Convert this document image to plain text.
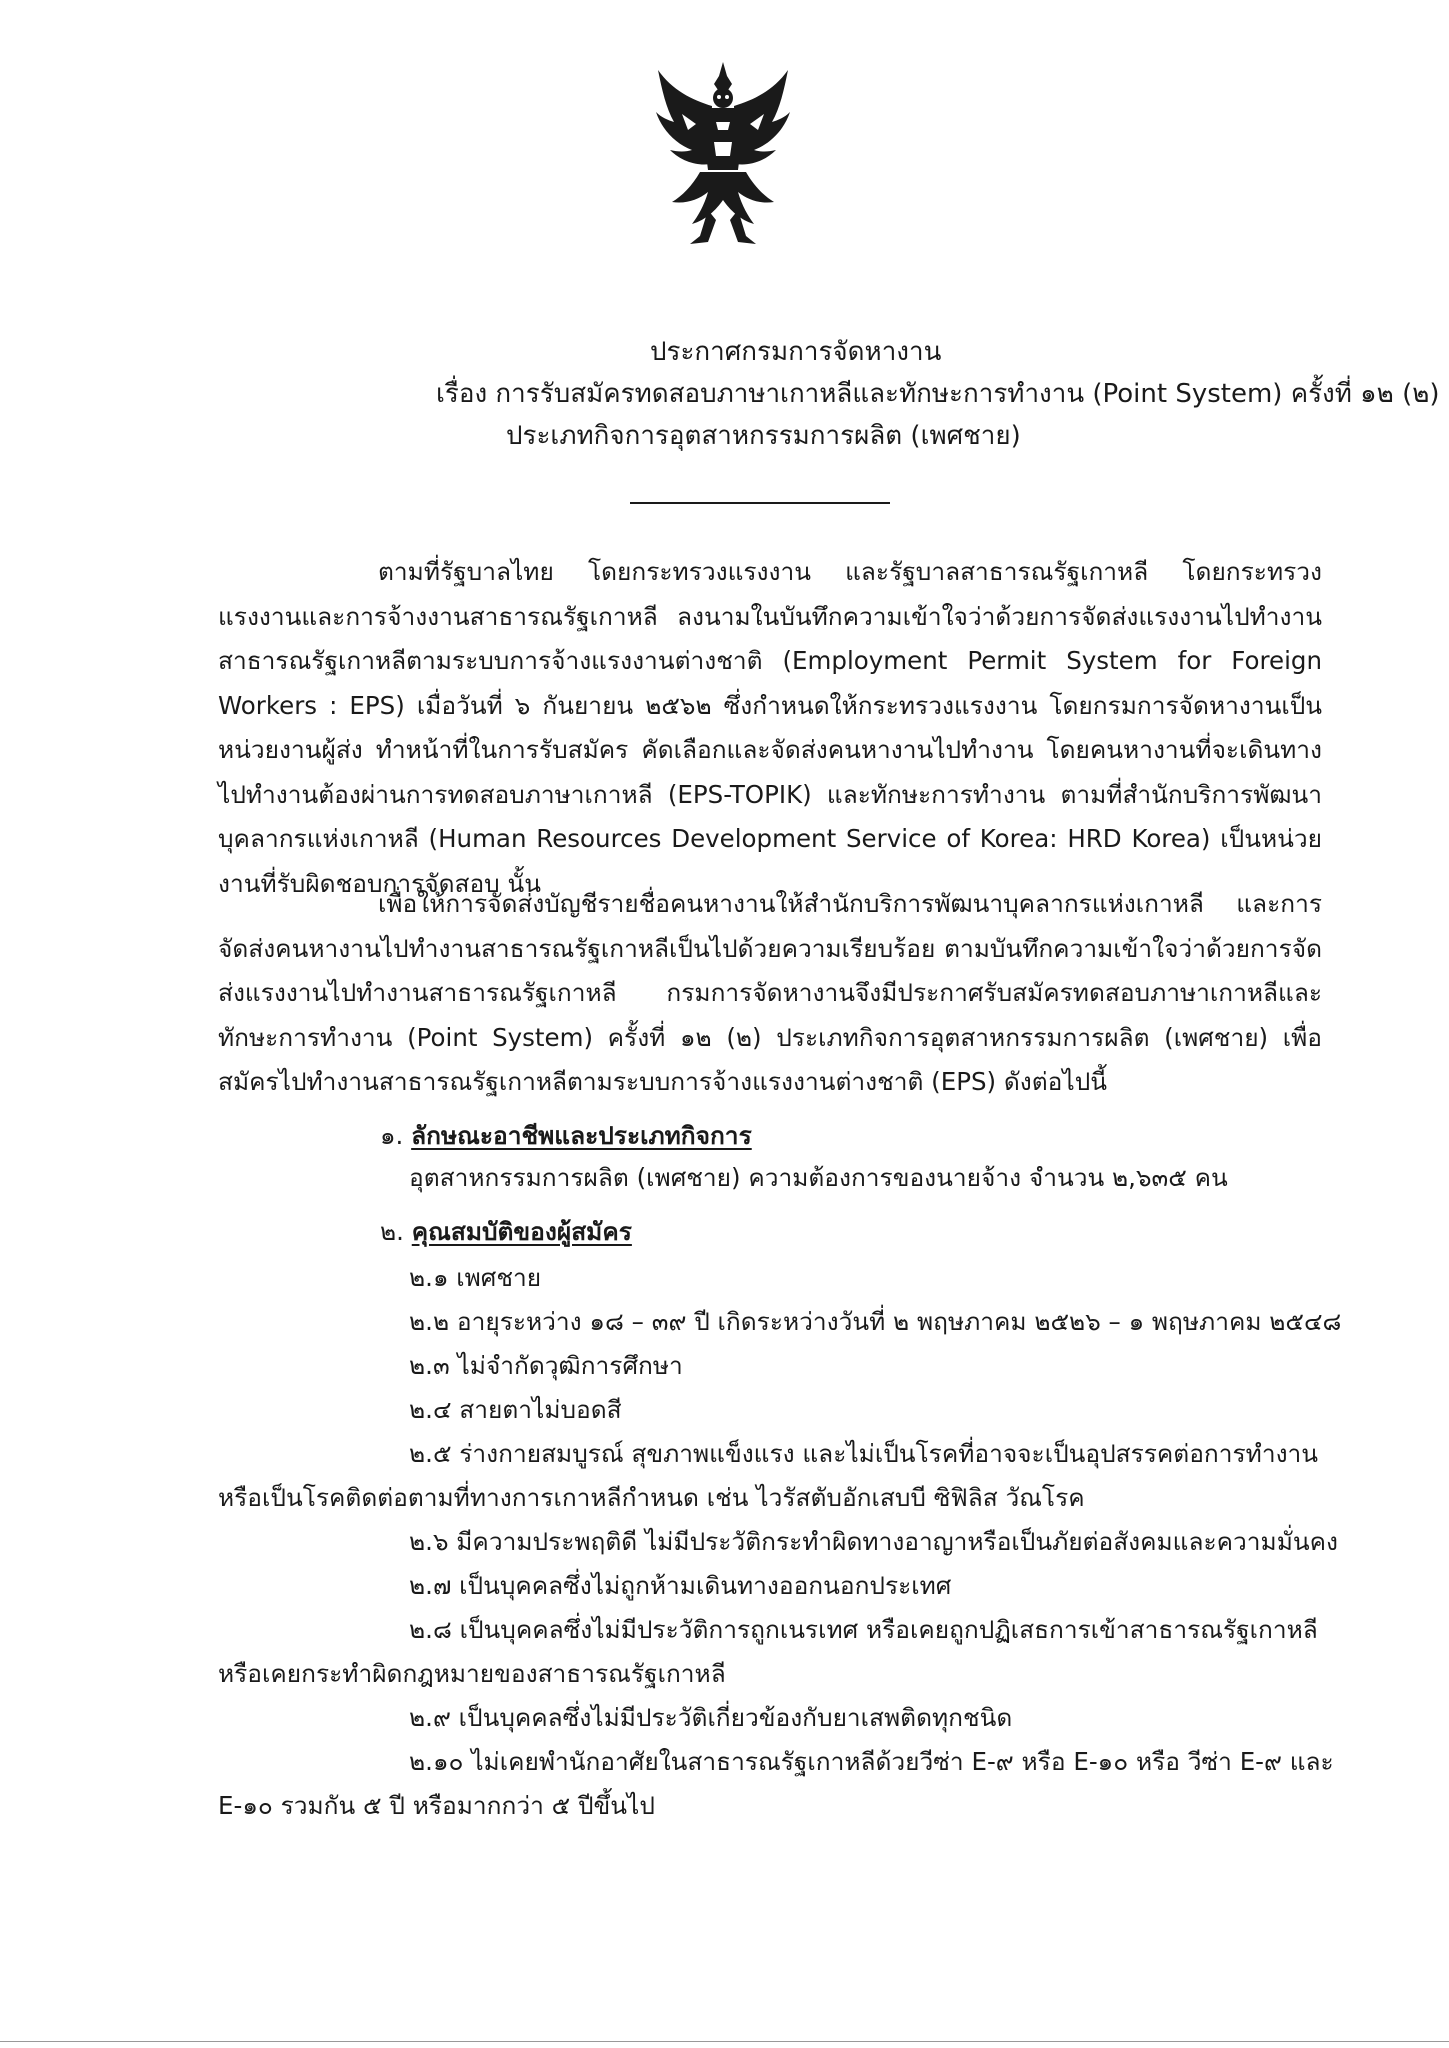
ประกาศกรมการจัดหางาน
เรื่อง การรับสมัครทดสอบภาษาเกาหลีและทักษะการทำงาน (Point System) ครั้งที่ ๑๒ (๒)
ประเภทกิจการอุตสาหกรรมการผลิต (เพศชาย)
ตามที่รัฐบาลไทย โดยกระทรวงแรงงาน และรัฐบาลสาธารณรัฐเกาหลี โดยกระทรวงแรงงานและการจ้างงานสาธารณรัฐเกาหลี ลงนามในบันทึกความเข้าใจว่าด้วยการจัดส่งแรงงานไปทำงานสาธารณรัฐเกาหลีตามระบบการจ้างแรงงานต่างชาติ (Employment Permit System for Foreign Workers : EPS) เมื่อวันที่ ๖ กันยายน ๒๕๖๒ ซึ่งกำหนดให้กระทรวงแรงงาน โดยกรมการจัดหางานเป็นหน่วยงานผู้ส่ง ทำหน้าที่ในการรับสมัคร คัดเลือกและจัดส่งคนหางานไปทำงาน โดยคนหางานที่จะเดินทางไปทำงานต้องผ่านการทดสอบภาษาเกาหลี (EPS-TOPIK) และทักษะการทำงาน ตามที่สำนักบริการพัฒนาบุคลากรแห่งเกาหลี (Human Resources Development Service of Korea: HRD Korea) เป็นหน่วยงานที่รับผิดชอบการจัดสอบ นั้น
เพื่อให้การจัดส่งบัญชีรายชื่อคนหางานให้สำนักบริการพัฒนาบุคลากรแห่งเกาหลี และการจัดส่งคนหางานไปทำงานสาธารณรัฐเกาหลีเป็นไปด้วยความเรียบร้อย ตามบันทึกความเข้าใจว่าด้วยการจัดส่งแรงงานไปทำงานสาธารณรัฐเกาหลี กรมการจัดหางานจึงมีประกาศรับสมัครทดสอบภาษาเกาหลีและทักษะการทำงาน (Point System) ครั้งที่ ๑๒ (๒) ประเภทกิจการอุตสาหกรรมการผลิต (เพศชาย) เพื่อสมัครไปทำงานสาธารณรัฐเกาหลีตามระบบการจ้างแรงงานต่างชาติ (EPS) ดังต่อไปนี้
๑. ลักษณะอาชีพและประเภทกิจการ
อุตสาหกรรมการผลิต (เพศชาย) ความต้องการของนายจ้าง จำนวน ๒,๖๓๕ คน
๒. คุณสมบัติของผู้สมัคร
๒.๑ เพศชาย
๒.๒ อายุระหว่าง ๑๘ – ๓๙ ปี เกิดระหว่างวันที่ ๒ พฤษภาคม ๒๕๒๖ – ๑ พฤษภาคม ๒๕๔๘
๒.๓ ไม่จำกัดวุฒิการศึกษา
๒.๔ สายตาไม่บอดสี
๒.๕ ร่างกายสมบูรณ์ สุขภาพแข็งแรง และไม่เป็นโรคที่อาจจะเป็นอุปสรรคต่อการทำงาน
หรือเป็นโรคติดต่อตามที่ทางการเกาหลีกำหนด เช่น ไวรัสตับอักเสบบี ซิฟิลิส วัณโรค
๒.๖ มีความประพฤติดี ไม่มีประวัติกระทำผิดทางอาญาหรือเป็นภัยต่อสังคมและความมั่นคง
๒.๗ เป็นบุคคลซึ่งไม่ถูกห้ามเดินทางออกนอกประเทศ
๒.๘ เป็นบุคคลซึ่งไม่มีประวัติการถูกเนรเทศ หรือเคยถูกปฏิเสธการเข้าสาธารณรัฐเกาหลี
หรือเคยกระทำผิดกฎหมายของสาธารณรัฐเกาหลี
๒.๙ เป็นบุคคลซึ่งไม่มีประวัติเกี่ยวข้องกับยาเสพติดทุกชนิด
๒.๑๐ ไม่เคยพำนักอาศัยในสาธารณรัฐเกาหลีด้วยวีซ่า E-๙ หรือ E-๑๐ หรือ วีซ่า E-๙ และ
E-๑๐ รวมกัน ๕ ปี หรือมากกว่า ๕ ปีขึ้นไป
